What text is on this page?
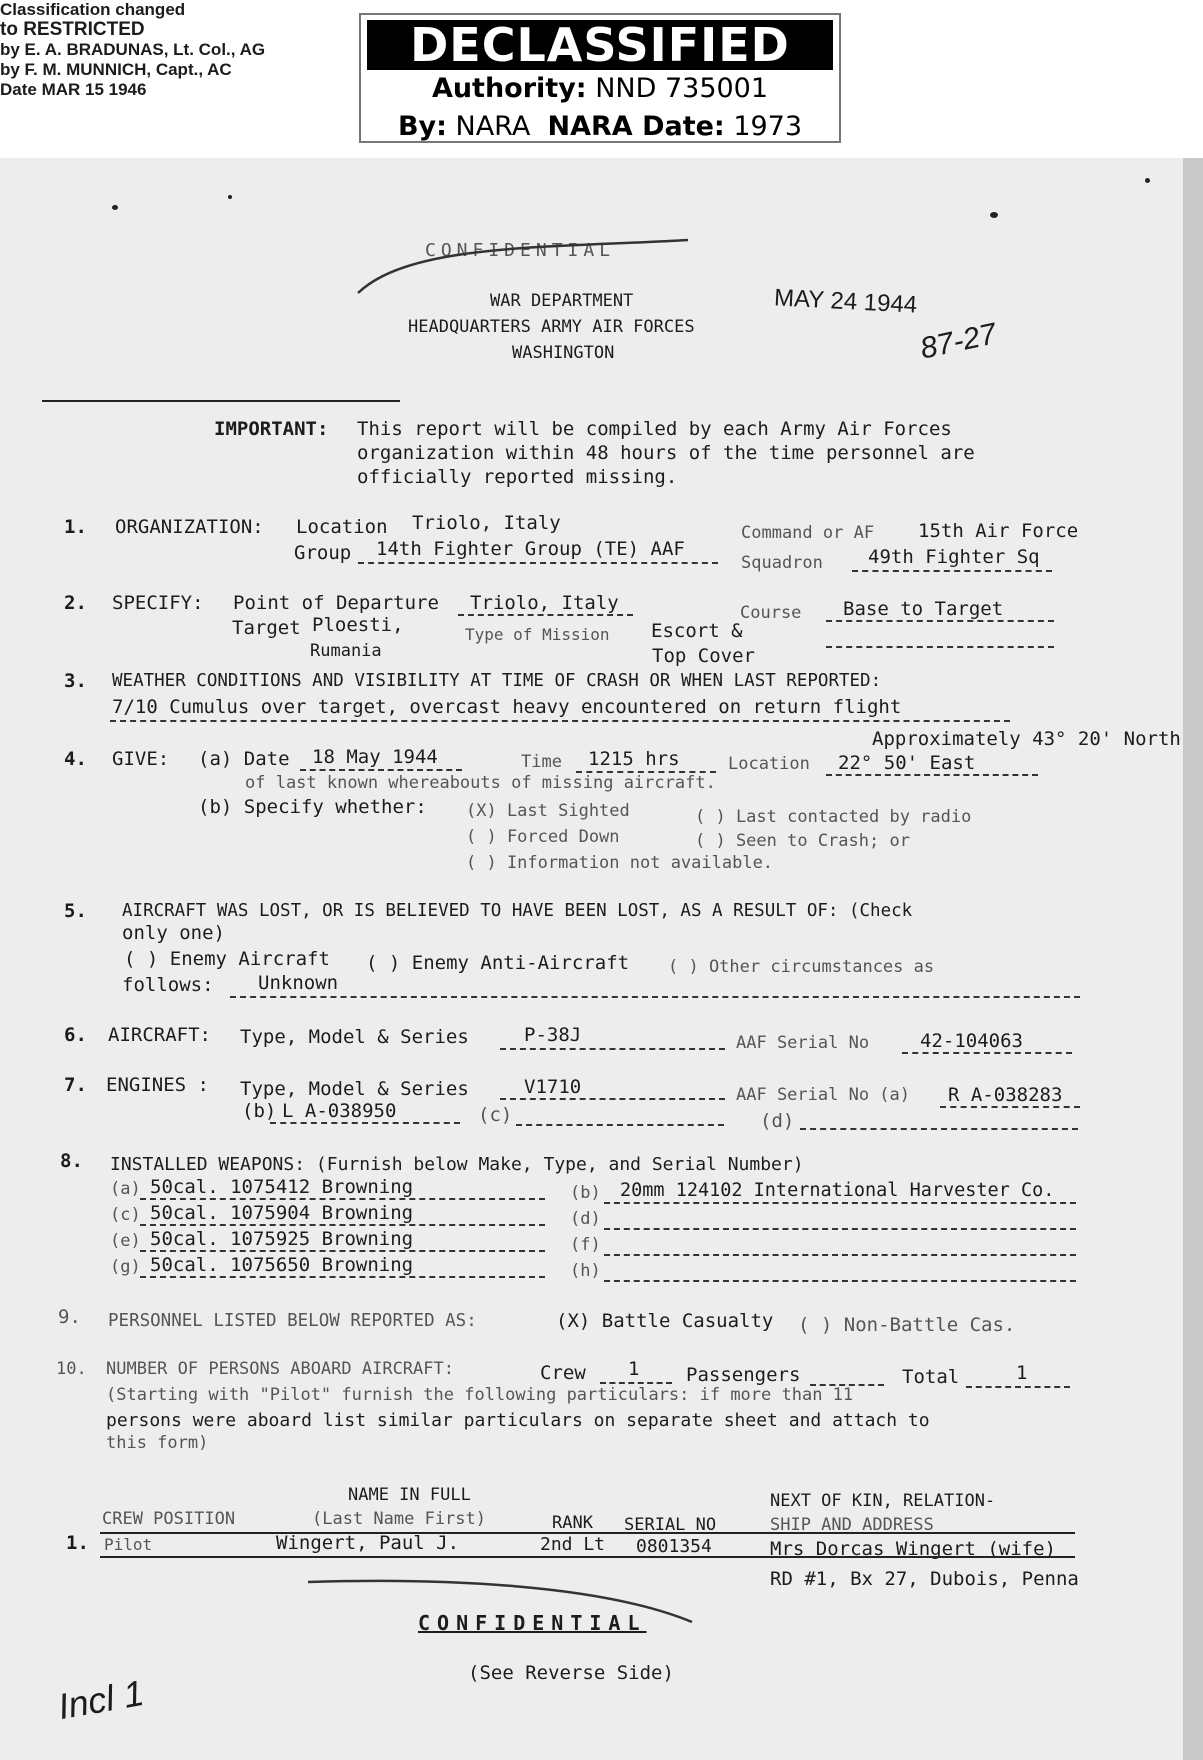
DECLASSIFIED
Authority: NND 735001
By: NARA NARA Date: 1973
CONFIDENTIAL
Classification changed
to RESTRICTED
by E. A. BRADUNAS, Lt. Col., AG
by F. M. MUNNICH, Capt., AC
Date MAR 15 1946
WAR DEPARTMENT
HEADQUARTERS ARMY AIR FORCES
WASHINGTON
MAY 24 1944
87-27
IMPORTANT: This report will be compiled by each Army Air Forces
organization within 48 hours of the time personnel are
officially reported missing.
1. ORGANIZATION: Location Triolo, Italy	Command or AF 15th Air Force
Group 14th Fighter Group (TE) AAF
Squadron 49th Fighter Sq
2. SPECIFY: Point of Departure Triolo, Italy	Course Base to Target
Target Ploesti,	Type of Mission Escort &
Rumania	Top Cover
3. WEATHER CONDITIONS AND VISIBILITY AT TIME OF CRASH OR WHEN LAST REPORTED:
7/10 Cumulus over target, overcast heavy encountered on return flight
Approximately 43° 20' North
4. GIVE: (a) Date 18 May 1944	Time 1215 hrs	Location 22° 50' East
of last known whereabouts of missing aircraft.
(b) Specify whether: (X) Last Sighted	( ) Last contacted by radio
( ) Forced Down	( ) Seen to Crash; or
( ) Information not available.
5. AIRCRAFT WAS LOST, OR IS BELIEVED TO HAVE BEEN LOST, AS A RESULT OF: (Check
only one)
( ) Enemy Aircraft ( ) Enemy Anti-Aircraft ( ) Other circumstances as
follows: Unknown
6. AIRCRAFT: Type, Model & Series	P-38J	AAF Serial No	42-104063
7. ENGINES : Type, Model & Series	V1710	AAF Serial No (a) R A-038283
(b) L A-038950	(c)	(d)
8. INSTALLED WEAPONS: (Furnish below Make, Type, and Serial Number)
(a) 50cal. 1075412 Browning
(c) 50cal. 1075904 Browning
(e) 50cal. 1075925 Browning
(g) 50cal. 1075650 Browning
(b) 20mm 124102 International Harvester Co.
(d)
(f)
(h)
9. PERSONNEL LISTED BELOW REPORTED AS:	(X) Battle Casualty ( ) Non-Battle Cas.
10. NUMBER OF PERSONS ABOARD AIRCRAFT:	Crew 1 Passengers	Total	1
(Starting with "Pilot" furnish the following particulars: if more than 11
persons were aboard list similar particulars on separate sheet and attach to
this form)
NAME IN FULL	NEXT OF KIN, RELATION-
CREW POSITION	(Last Name First)	RANK SERIAL NO	SHIP AND ADDRESS
1. Pilot	Wingert, Paul J.	2nd Lt 0801354	Mrs Dorcas Wingert (wife)
RD #1, Bx 27, Dubois, Penna
CONFIDENTIAL
(See Reverse Side)
Incl 1
